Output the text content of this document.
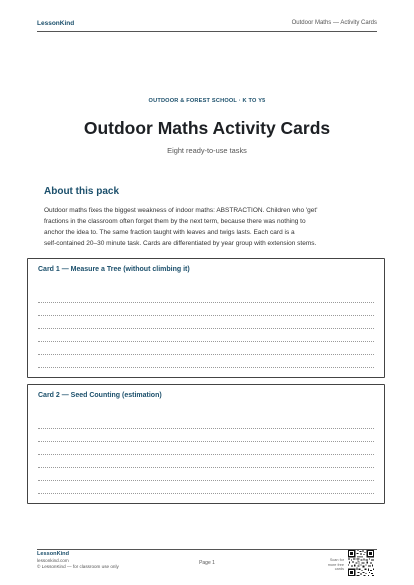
LessonKind	Outdoor Maths — Activity Cards
OUTDOOR & FOREST SCHOOL · K TO Y5
Outdoor Maths Activity Cards
Eight ready-to-use tasks
About this pack
Outdoor maths fixes the biggest weakness of indoor maths: ABSTRACTION. Children who 'get'
fractions in the classroom often forget them by the next term, because there was nothing to
anchor the idea to. The same fraction taught with leaves and twigs lasts. Each card is a
self-contained 20–30 minute task. Cards are differentiated by year group with extension stems.
Card 1 — Measure a Tree (without climbing it)
Card 2 — Seed Counting (estimation)
LessonKind
lessonkind.com
© LessonKind — for classroom use only
Page 1	Scan for
more free cards
